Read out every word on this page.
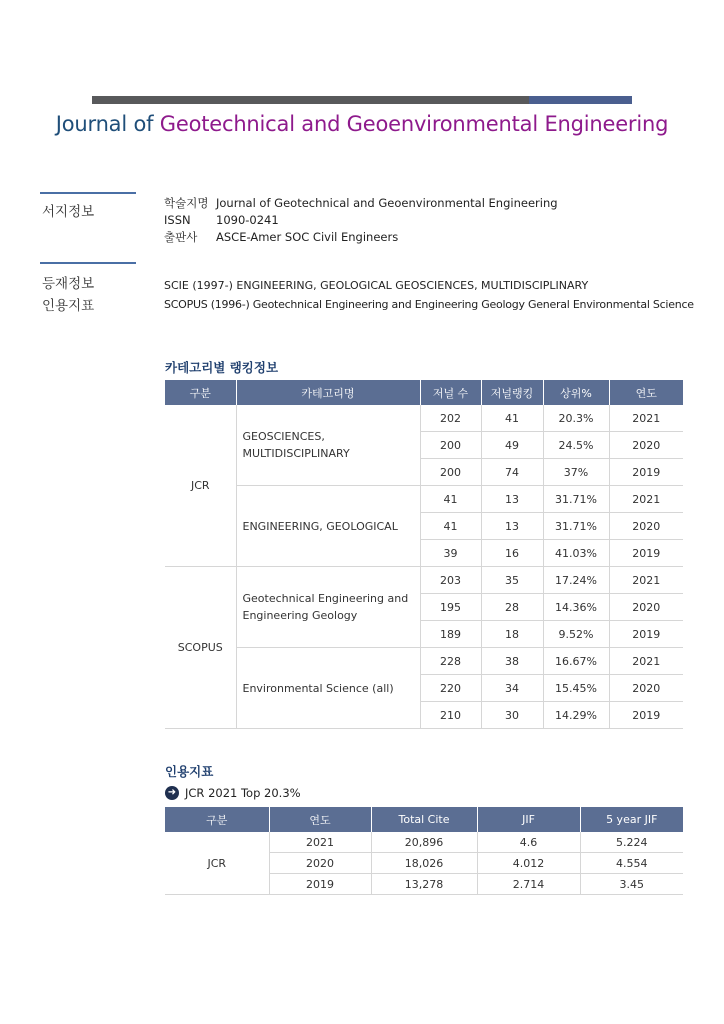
Journal of Geotechnical and Geoenvironmental Engineering
서지정보
학술지명 Journal of Geotechnical and Geoenvironmental Engineering
ISSN	1090-0241
출판사	ASCE-Amer SOC Civil Engineers
등재정보
인용지표
SCIE (1997-) ENGINEERING, GEOLOGICAL GEOSCIENCES, MULTIDISCIPLINARY
SCOPUS (1996-) Geotechnical Engineering and Engineering Geology General Environmental Science
카테고리별 랭킹정보
구분	카테고리명	저널 수	저널랭킹	상위%	연도
JCR	GEOSCIENCES, MULTIDISCIPLINARY	202	41	20.3%	2021
		200	49	24.5%	2020
		200	74	37%	2019
	ENGINEERING, GEOLOGICAL	41	13	31.71%	2021
		41	13	31.71%	2020
		39	16	41.03%	2019
SCOPUS	Geotechnical Engineering and Engineering Geology	203	35	17.24%	2021
		195	28	14.36%	2020
		189	18	9.52%	2019
	Environmental Science (all)	228	38	16.67%	2021
		220	34	15.45%	2020
		210	30	14.29%	2019
인용지표
➜ JCR 2021 Top 20.3%
구분	연도	Total Cite	JIF	5 year JIF
JCR	2021	20,896	4.6	5.224
	2020	18,026	4.012	4.554
	2019	13,278	2.714	3.45
